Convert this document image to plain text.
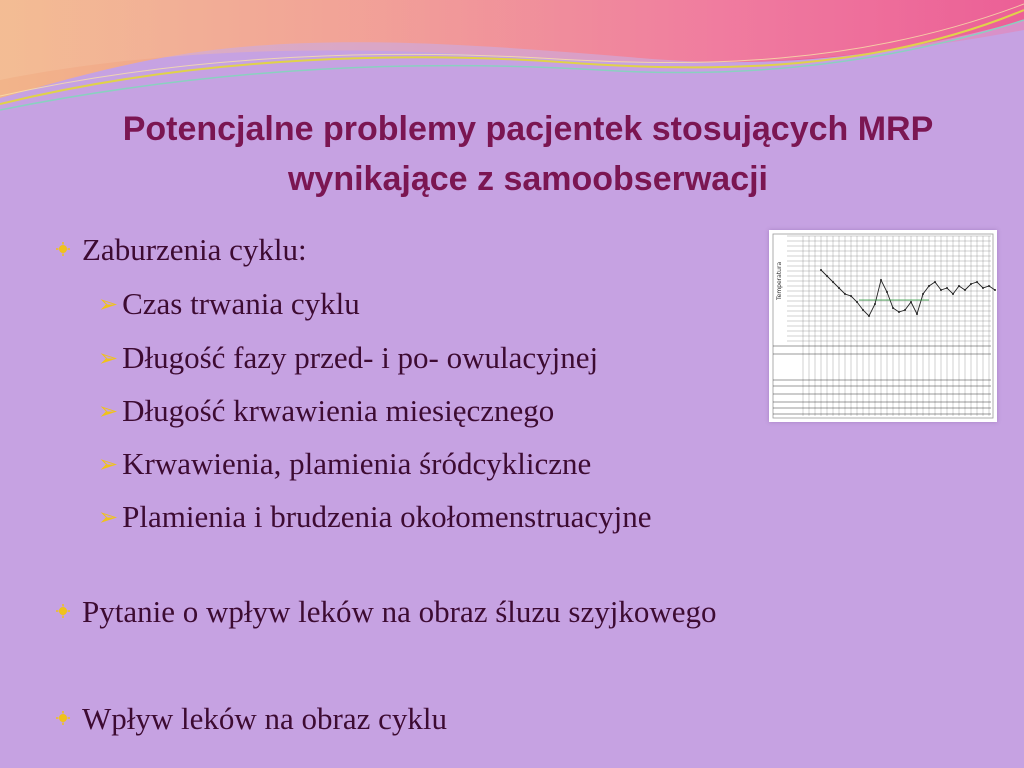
Potencjalne problemy pacjentek stosujących MRP
wynikające z samoobserwacji
Zaburzenia cyklu:
➢ Czas trwania cyklu
➢ Długość fazy przed- i po- owulacyjnej
➢ Długość krwawienia miesięcznego
➢ Krwawienia, plamienia śródcykliczne
➢ Plamienia i brudzenia okołomenstruacyjne
Pytanie o wpływ leków na obraz śluzu szyjkowego
Wpływ leków na obraz cyklu
Temperatura
